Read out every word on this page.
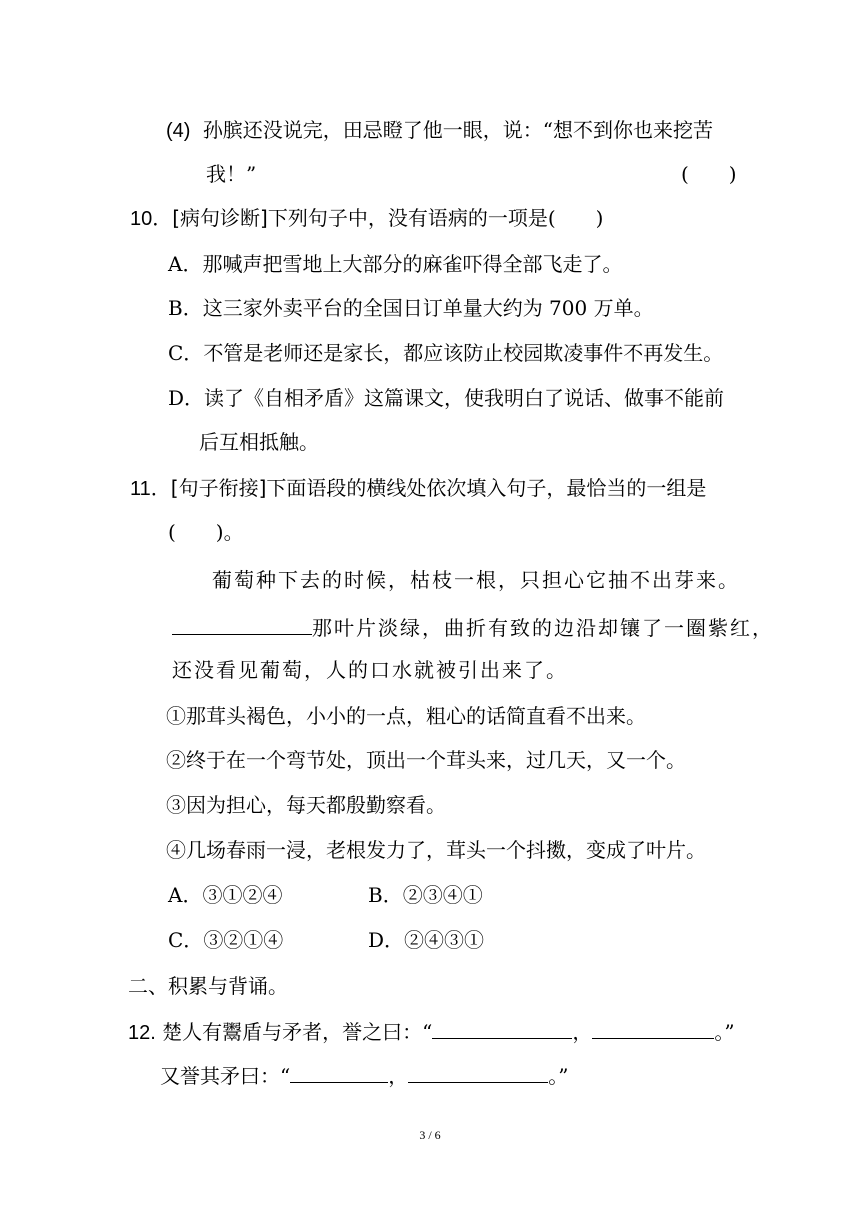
(4) 孙膑还没说完，田忌瞪了他一眼，说：“想不到你也来挖苦
我！”	(　　)
10．[病句诊断]下列句子中，没有语病的一项是(　　)
A．那喊声把雪地上大部分的麻雀吓得全部飞走了。
B．这三家外卖平台的全国日订单量大约为 700 万单。
C．不管是老师还是家长，都应该防止校园欺凌事件不再发生。
D．读了《自相矛盾》这篇课文，使我明白了说话、做事不能前
后互相抵触。
11．[句子衔接]下面语段的横线处依次填入句子，最恰当的一组是
(　　)。
葡萄种下去的时候，枯枝一根，只担心它抽不出芽来。
那叶片淡绿，曲折有致的边沿却镶了一圈紫红，
还没看见葡萄，人的口水就被引出来了。
①那茸头褐色，小小的一点，粗心的话简直看不出来。
②终于在一个弯节处，顶出一个茸头来，过几天，又一个。
③因为担心，每天都殷勤察看。
④几场春雨一浸，老根发力了，茸头一个抖擞，变成了叶片。
A．③①②④	B．②③④①
C．③②①④	D．②④③①
二、积累与背诵。
12. 楚人有鬻盾与矛者，誉之曰：“	，	。”
又誉其矛曰：“	，	。”
3 / 6
